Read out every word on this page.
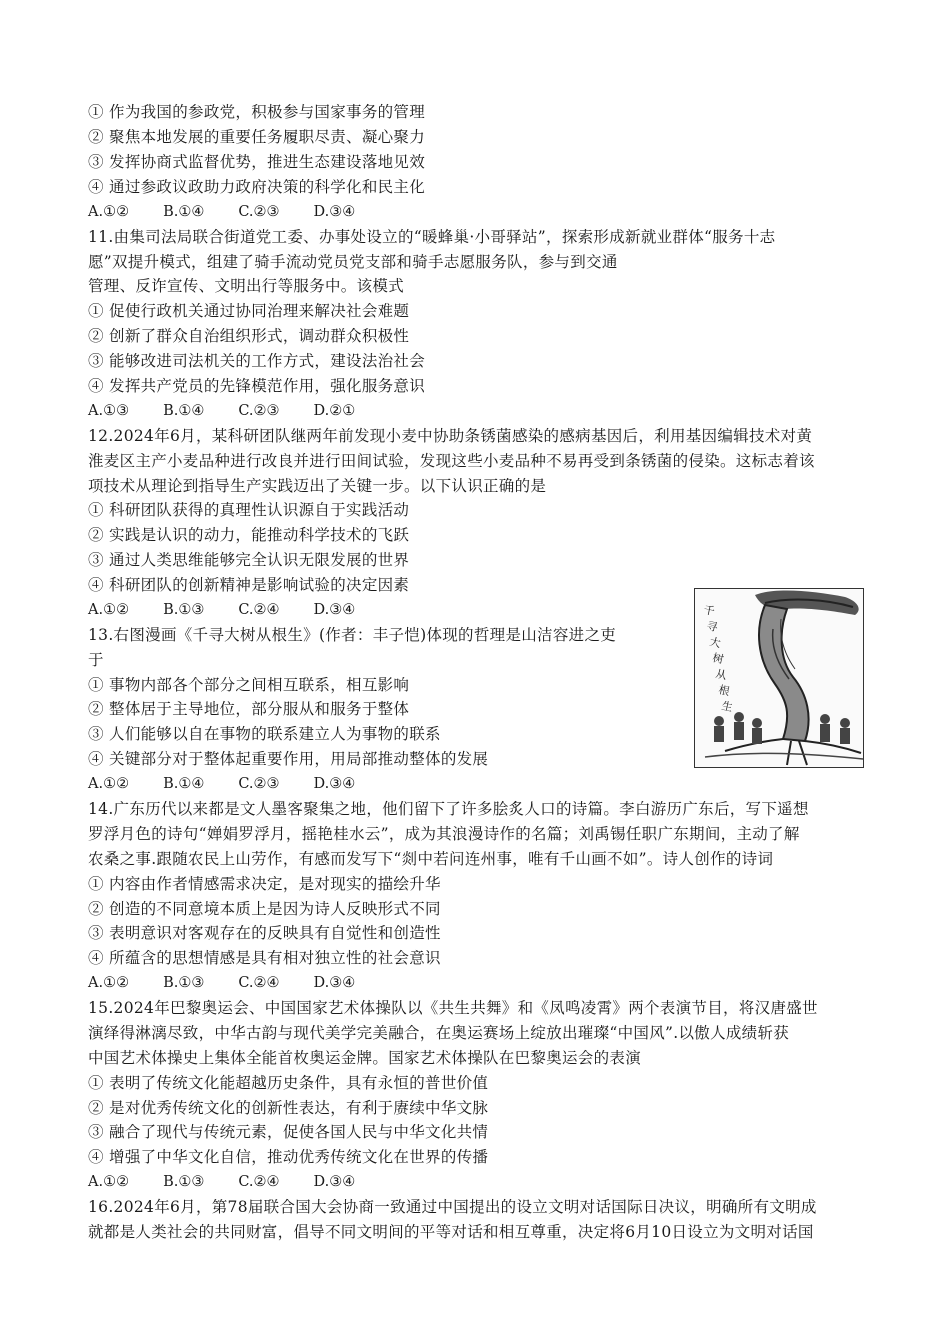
① 作为我国的参政党，积极参与国家事务的管理
② 聚焦本地发展的重要任务履职尽责、凝心聚力
③ 发挥协商式监督优势，推进生态建设落地见效
④ 通过参政议政助力政府决策的科学化和民主化
A.①② B.①④ C.②③ D.③④
11.由集司法局联合街道党工委、办事处设立的“暖蜂巢·小哥驿站”，探索形成新就业群体“服务十志
愿”双提升模式，组建了骑手流动党员党支部和骑手志愿服务队，参与到交通
管理、反诈宣传、文明出行等服务中。该模式
① 促使行政机关通过协同治理来解决社会难题
② 创新了群众自治组织形式，调动群众积极性
③ 能够改进司法机关的工作方式，建设法治社会
④ 发挥共产党员的先锋模范作用，强化服务意识
A.①③ B.①④ C.②③ D.②①
12.2024年6月，某科研团队继两年前发现小麦中协助条锈菌感染的感病基因后，利用基因编辑技术对黄
淮麦区主产小麦品种进行改良并进行田间试验，发现这些小麦品种不易再受到条锈菌的侵染。这标志着该
项技术从理论到指导生产实践迈出了关键一步。以下认识正确的是
① 科研团队获得的真理性认识源自于实践活动
② 实践是认识的动力，能推动科学技术的飞跃
③ 通过人类思维能够完全认识无限发展的世界
④ 科研团队的创新精神是影响试验的决定因素
A.①② B.①③ C.②④ D.③④
13.右图漫画《千寻大树从根生》(作者：丰子恺)体现的哲理是山洁容进之吏
于
① 事物内部各个部分之间相互联系，相互影响
② 整体居于主导地位，部分服从和服务于整体
③ 人们能够以自在事物的联系建立人为事物的联系
④ 关键部分对于整体起重要作用，用局部推动整体的发展
A.①② B.①④ C.②③ D.③④
千
寻
大
树
从
根
生
14.广东历代以来都是文人墨客聚集之地，他们留下了许多脍炙人口的诗篇。李白游历广东后，写下遥想
罗浮月色的诗句“婵娟罗浮月，摇艳桂水云”，成为其浪漫诗作的名篇；刘禹锡任职广东期间，主动了解
农桑之事.跟随农民上山劳作，有感而发写下“剡中若问连州事，唯有千山画不如”。诗人创作的诗词
① 内容由作者情感需求决定，是对现实的描绘升华
② 创造的不同意境本质上是因为诗人反映形式不同
③ 表明意识对客观存在的反映具有自觉性和创造性
④ 所蕴含的思想情感是具有相对独立性的社会意识
A.①② B.①③ C.②④ D.③④
15.2024年巴黎奥运会、中国国家艺术体操队以《共生共舞》和《凤鸣凌霄》两个表演节目，将汉唐盛世
演绎得淋漓尽致，中华古韵与现代美学完美融合，在奥运赛场上绽放出璀璨“中国风”.以傲人成绩斩获
中国艺术体操史上集体全能首枚奥运金牌。国家艺术体操队在巴黎奥运会的表演
① 表明了传统文化能超越历史条件，具有永恒的普世价值
② 是对优秀传统文化的创新性表达，有利于赓续中华文脉
③ 融合了现代与传统元素，促使各国人民与中华文化共情
④ 增强了中华文化自信，推动优秀传统文化在世界的传播
A.①② B.①③ C.②④ D.③④
16.2024年6月，第78届联合国大会协商一致通过中国提出的设立文明对话国际日决议，明确所有文明成
就都是人类社会的共同财富，倡导不同文明间的平等对话和相互尊重，决定将6月10日设立为文明对话国
